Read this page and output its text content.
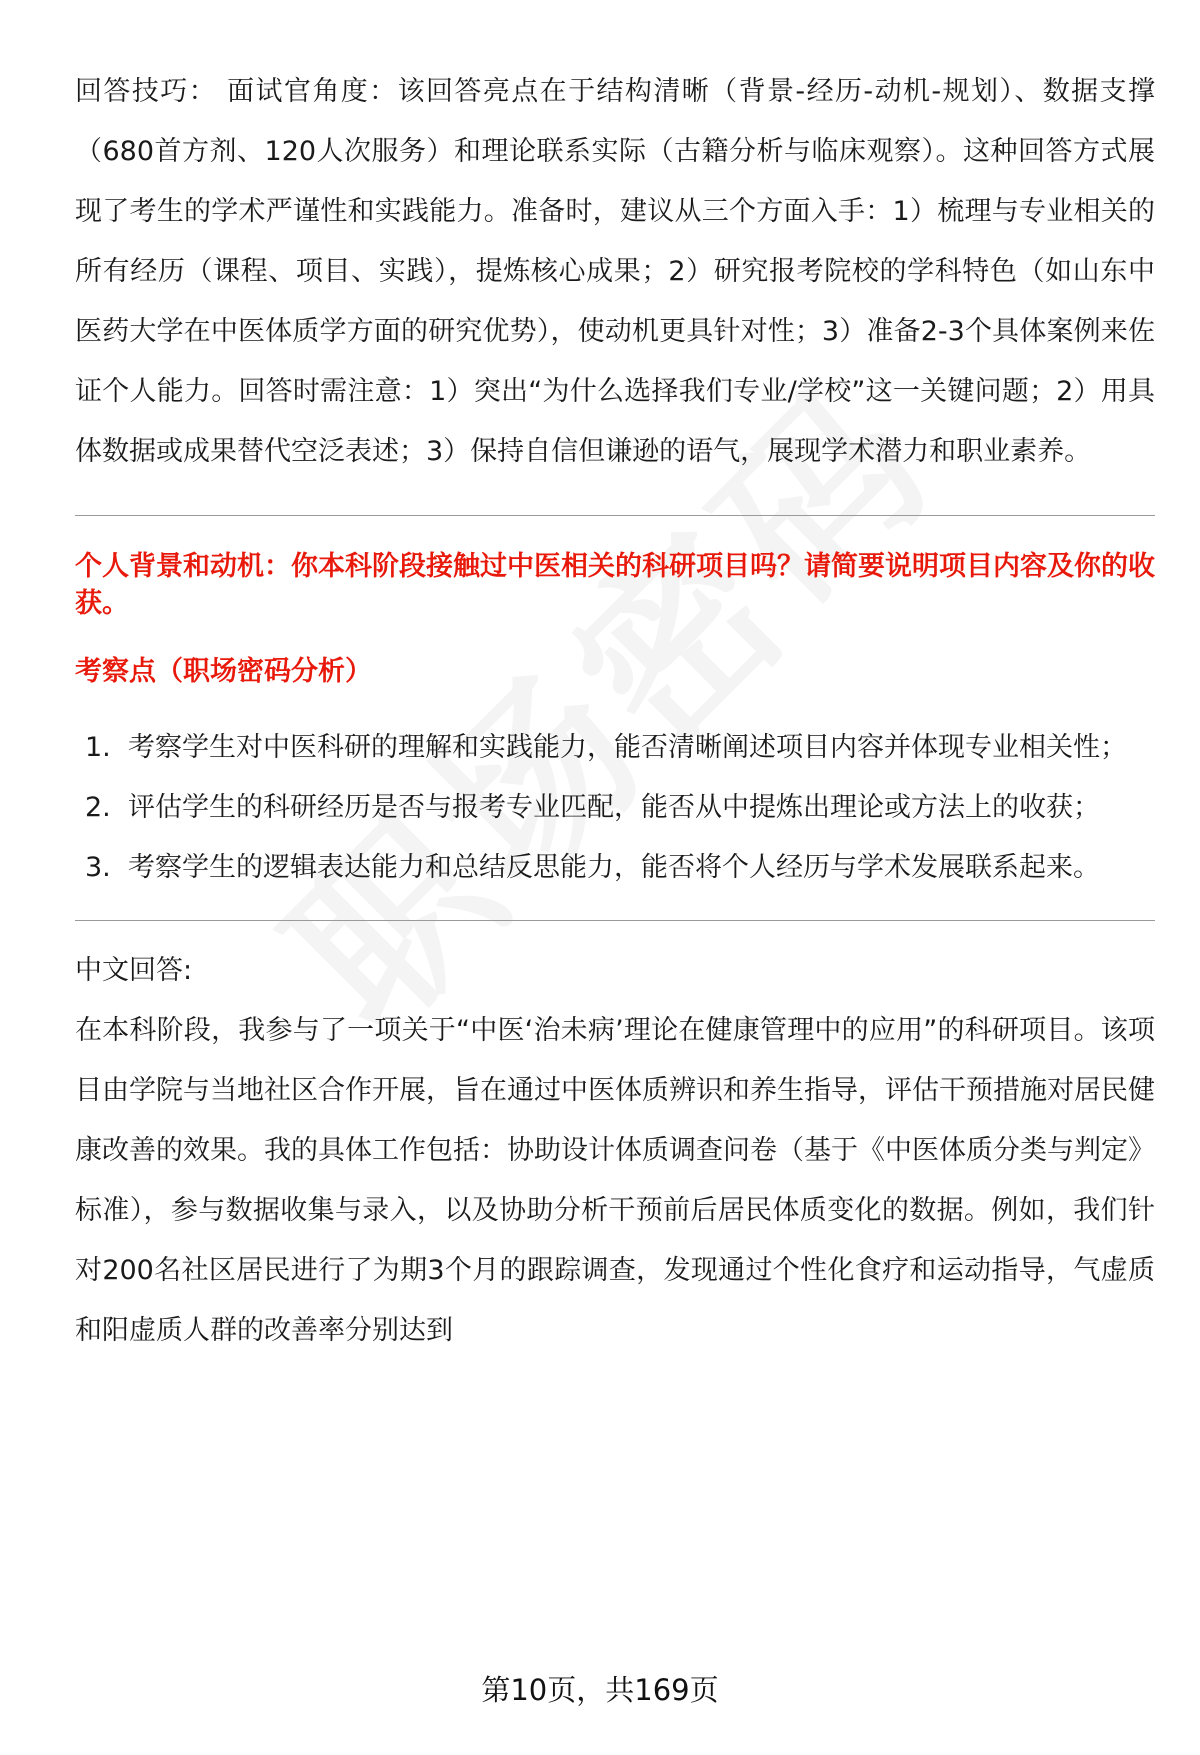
回答技巧： 面试官角度：该回答亮点在于结构清晰（背景-经历-动机-规划）、数据支撑（680首方剂、120人次服务）和理论联系实际（古籍分析与临床观察）。这种回答方式展现了考生的学术严谨性和实践能力。准备时，建议从三个方面入手：1）梳理与专业相关的所有经历（课程、项目、实践），提炼核心成果；2）研究报考院校的学科特色（如山东中医药大学在中医体质学方面的研究优势），使动机更具针对性；3）准备2-3个具体案例来佐证个人能力。回答时需注意：1）突出“为什么选择我们专业/学校”这一关键问题；2）用具体数据或成果替代空泛表述；3）保持自信但谦逊的语气，展现学术潜力和职业素养。

个人背景和动机：你本科阶段接触过中医相关的科研项目吗？请简要说明项目内容及你的收获。

考察点（职场密码分析）

1. 考察学生对中医科研的理解和实践能力，能否清晰阐述项目内容并体现专业相关性；
2. 评估学生的科研经历是否与报考专业匹配，能否从中提炼出理论或方法上的收获；
3. 考察学生的逻辑表达能力和总结反思能力，能否将个人经历与学术发展联系起来。

中文回答:

在本科阶段，我参与了一项关于“中医‘治未病’理论在健康管理中的应用”的科研项目。该项目由学院与当地社区合作开展，旨在通过中医体质辨识和养生指导，评估干预措施对居民健康改善的效果。我的具体工作包括：协助设计体质调查问卷（基于《中医体质分类与判定》标准），参与数据收集与录入，以及协助分析干预前后居民体质变化的数据。例如，我们针对200名社区居民进行了为期3个月的跟踪调查，发现通过个性化食疗和运动指导，气虚质和阳虚质人群的改善率分别达到

第10页，共169页
